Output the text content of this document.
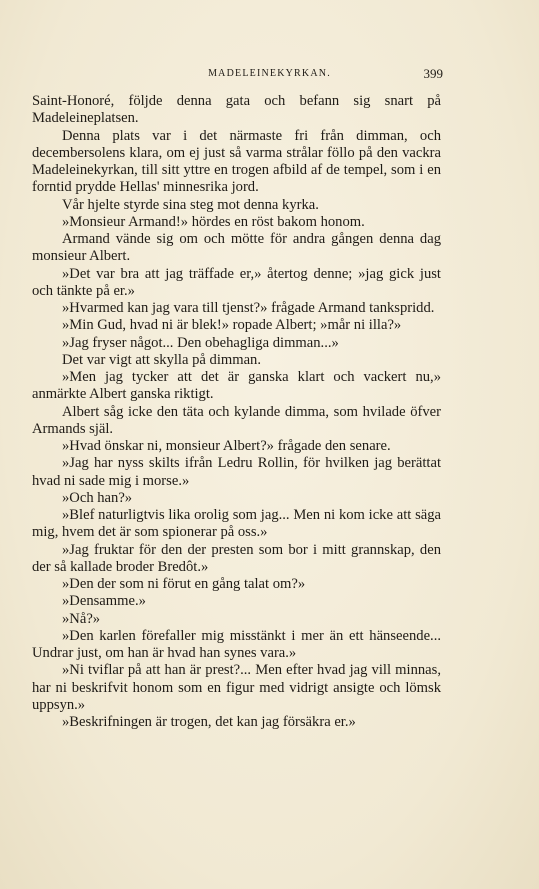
MADELEINEKYRKAN.	399

Saint-Honoré, följde denna gata och befann sig snart på Madeleineplatsen.

Denna plats var i det närmaste fri från dimman, och decembersolens klara, om ej just så varma strålar föllo på den vackra Madeleinekyrkan, till sitt yttre en trogen afbild af de tempel, som i en forntid prydde Hellas' minnesrika jord.

Vår hjelte styrde sina steg mot denna kyrka.

»Monsieur Armand!» hördes en röst bakom honom.

Armand vände sig om och mötte för andra gången denna dag monsieur Albert.

»Det var bra att jag träffade er,» återtog denne; »jag gick just och tänkte på er.»

»Hvarmed kan jag vara till tjenst?» frågade Armand tankspridd.

»Min Gud, hvad ni är blek!» ropade Albert; »mår ni illa?»

»Jag fryser något... Den obehagliga dimman...»

Det var vigt att skylla på dimman.

»Men jag tycker att det är ganska klart och vackert nu,» anmärkte Albert ganska riktigt.

Albert såg icke den täta och kylande dimma, som hvilade öfver Armands själ.

»Hvad önskar ni, monsieur Albert?» frågade den senare.

»Jag har nyss skilts ifrån Ledru Rollin, för hvilken jag berättat hvad ni sade mig i morse.»

»Och han?»

»Blef naturligtvis lika orolig som jag... Men ni kom icke att säga mig, hvem det är som spionerar på oss.»

»Jag fruktar för den der presten som bor i mitt grannskap, den der så kallade broder Bredôt.»

»Den der som ni förut en gång talat om?»

»Densamme.»

»Nå?»

»Den karlen förefaller mig misstänkt i mer än ett hänseende... Undrar just, om han är hvad han synes vara.»

»Ni tviflar på att han är prest?... Men efter hvad jag vill minnas, har ni beskrifvit honom som en figur med vidrigt ansigte och lömsk uppsyn.»

»Beskrifningen är trogen, det kan jag försäkra er.»
